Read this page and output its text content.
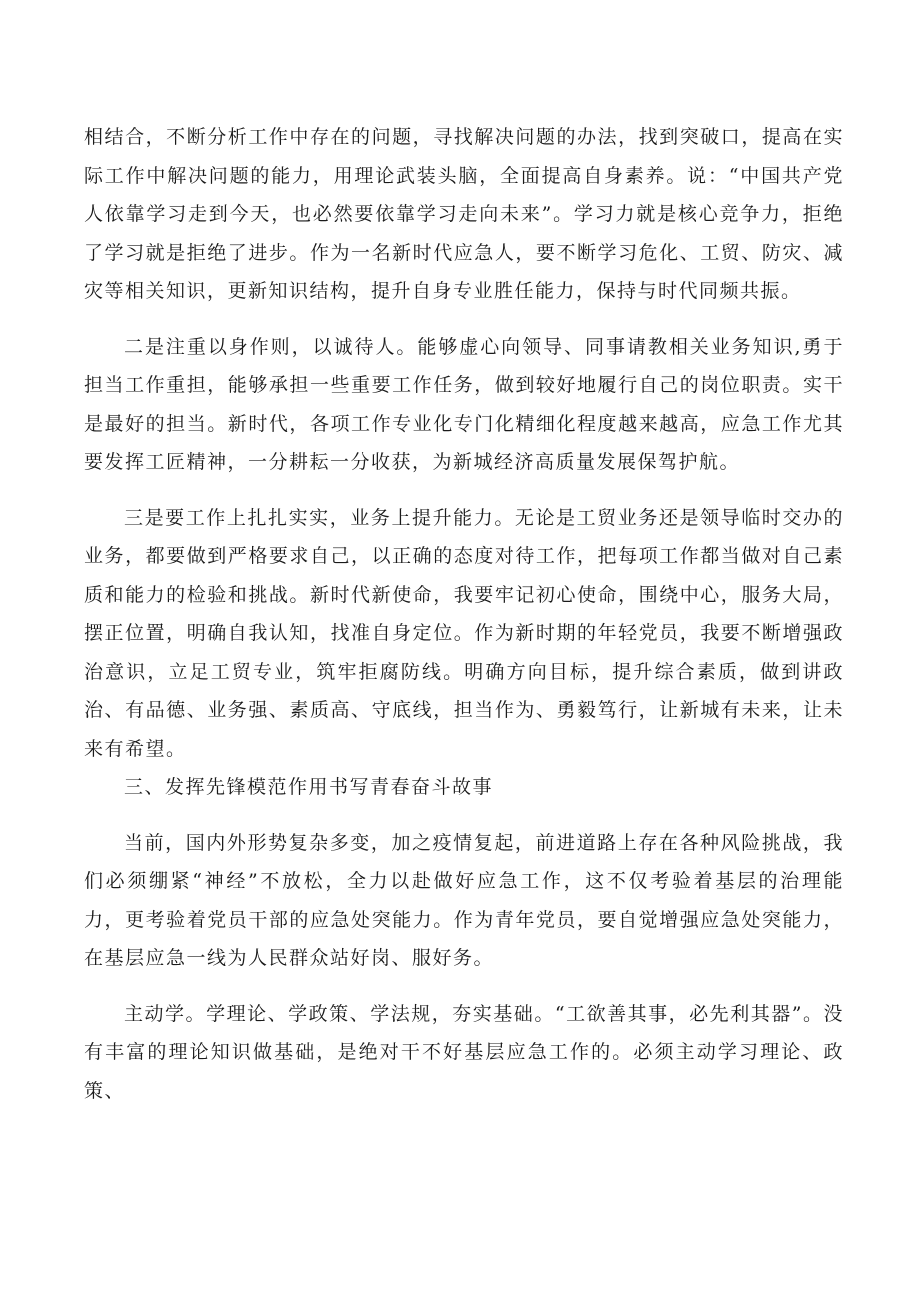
相结合，不断分析工作中存在的问题，寻找解决问题的办法，找到突破口，提高在实际工作中解决问题的能力，用理论武装头脑，全面提高自身素养。说：“中国共产党人依靠学习走到今天，也必然要依靠学习走向未来”。学习力就是核心竞争力，拒绝了学习就是拒绝了进步。作为一名新时代应急人，要不断学习危化、工贸、防灾、减灾等相关知识，更新知识结构，提升自身专业胜任能力，保持与时代同频共振。

二是注重以身作则，以诚待人。能够虚心向领导、同事请教相关业务知识,勇于担当工作重担，能够承担一些重要工作任务，做到较好地履行自己的岗位职责。实干是最好的担当。新时代，各项工作专业化专门化精细化程度越来越高，应急工作尤其要发挥工匠精神，一分耕耘一分收获，为新城经济高质量发展保驾护航。

三是要工作上扎扎实实，业务上提升能力。无论是工贸业务还是领导临时交办的业务，都要做到严格要求自己，以正确的态度对待工作，把每项工作都当做对自己素质和能力的检验和挑战。新时代新使命，我要牢记初心使命，围绕中心，服务大局，摆正位置，明确自我认知，找准自身定位。作为新时期的年轻党员，我要不断增强政治意识，立足工贸专业，筑牢拒腐防线。明确方向目标，提升综合素质，做到讲政治、有品德、业务强、素质高、守底线，担当作为、勇毅笃行，让新城有未来，让未来有希望。

三、发挥先锋模范作用书写青春奋斗故事

当前，国内外形势复杂多变，加之疫情复起，前进道路上存在各种风险挑战，我们必须绷紧“神经”不放松，全力以赴做好应急工作，这不仅考验着基层的治理能力，更考验着党员干部的应急处突能力。作为青年党员，要自觉增强应急处突能力，在基层应急一线为人民群众站好岗、服好务。

主动学。学理论、学政策、学法规，夯实基础。“工欲善其事，必先利其器”。没有丰富的理论知识做基础，是绝对干不好基层应急工作的。必须主动学习理论、政策、
